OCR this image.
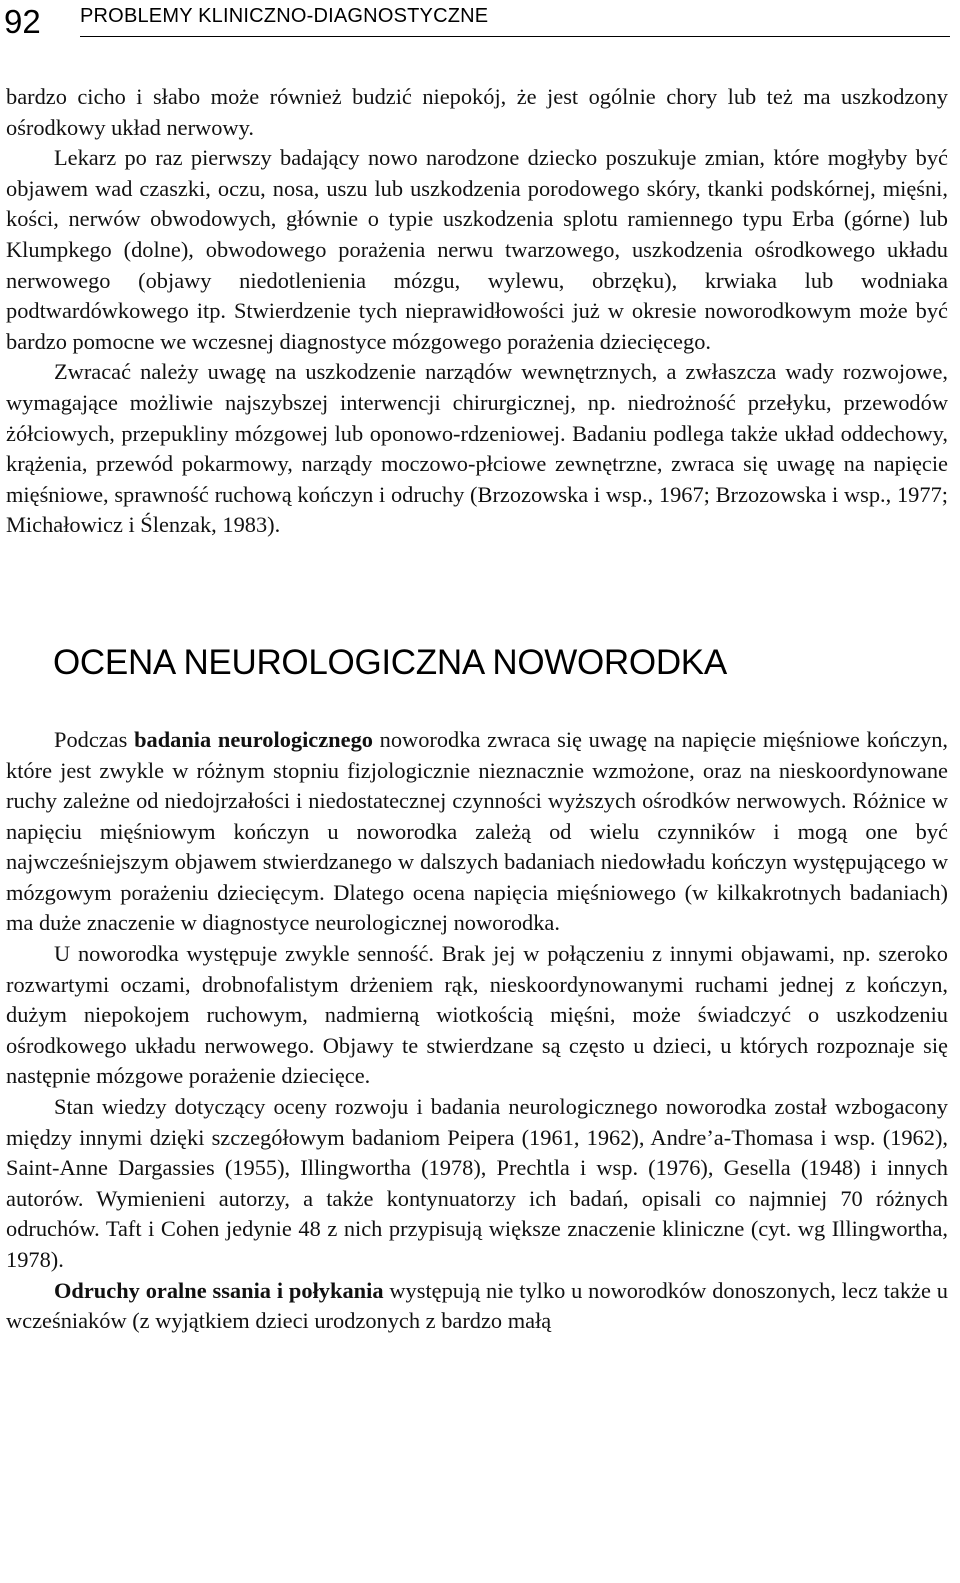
92 PROBLEMY KLINICZNO-DIAGNOSTYCZNE

bardzo cicho i słabo może również budzić niepokój, że jest ogólnie chory lub też ma uszkodzony ośrodkowy układ nerwowy.

Lekarz po raz pierwszy badający nowo narodzone dziecko poszukuje zmian, które mogłyby być objawem wad czaszki, oczu, nosa, uszu lub uszkodzenia porodowego skóry, tkanki podskórnej, mięśni, kości, nerwów obwodowych, głównie o typie uszkodzenia splotu ramiennego typu Erba (górne) lub Klumpkego (dolne), obwodowego porażenia nerwu twarzowego, uszkodzenia ośrodkowego układu nerwowego (objawy niedotlenienia mózgu, wylewu, obrzęku), krwiaka lub wodniaka podtwardówkowego itp. Stwierdzenie tych nieprawidłowości już w okresie noworodkowym może być bardzo pomocne we wczesnej diagnostyce mózgowego porażenia dziecięcego.

Zwracać należy uwagę na uszkodzenie narządów wewnętrznych, a zwłaszcza wady rozwojowe, wymagające możliwie najszybszej interwencji chirurgicznej, np. niedrożność przełyku, przewodów żółciowych, przepukliny mózgowej lub oponowo-rdzeniowej. Badaniu podlega także układ oddechowy, krążenia, przewód pokarmowy, narządy moczowo-płciowe zewnętrzne, zwraca się uwagę na napięcie mięśniowe, sprawność ruchową kończyn i odruchy (Brzozowska i wsp., 1967; Brzozowska i wsp., 1977; Michałowicz i Ślenzak, 1983).

OCENA NEUROLOGICZNA NOWORODKA

Podczas badania neurologicznego noworodka zwraca się uwagę na napięcie mięśniowe kończyn, które jest zwykle w różnym stopniu fizjologicznie nieznacznie wzmożone, oraz na nieskoordynowane ruchy zależne od niedojrzałości i niedostatecznej czynności wyższych ośrodków nerwowych. Różnice w napięciu mięśniowym kończyn u noworodka zależą od wielu czynników i mogą one być najwcześniejszym objawem stwierdzanego w dalszych badaniach niedowładu kończyn występującego w mózgowym porażeniu dziecięcym. Dlatego ocena napięcia mięśniowego (w kilkakrotnych badaniach) ma duże znaczenie w diagnostyce neurologicznej noworodka.

U noworodka występuje zwykle senność. Brak jej w połączeniu z innymi objawami, np. szeroko rozwartymi oczami, drobnofalistym drżeniem rąk, nieskoordynowanymi ruchami jednej z kończyn, dużym niepokojem ruchowym, nadmierną wiotkością mięśni, może świadczyć o uszkodzeniu ośrodkowego układu nerwowego. Objawy te stwierdzane są często u dzieci, u których rozpoznaje się następnie mózgowe porażenie dziecięce.

Stan wiedzy dotyczący oceny rozwoju i badania neurologicznego noworodka został wzbogacony między innymi dzięki szczegółowym badaniom Peipera (1961, 1962), Andre’a-Thomasa i wsp. (1962), Saint-Anne Dargassies (1955), Illingwortha (1978), Prechtla i wsp. (1976), Gesella (1948) i innych autorów. Wymienieni autorzy, a także kontynuatorzy ich badań, opisali co najmniej 70 różnych odruchów. Taft i Cohen jedynie 48 z nich przypisują większe znaczenie kliniczne (cyt. wg Illingwortha, 1978).

Odruchy oralne ssania i połykania występują nie tylko u noworodków donoszonych, lecz także u wcześniaków (z wyjątkiem dzieci urodzonych z bardzo małą
